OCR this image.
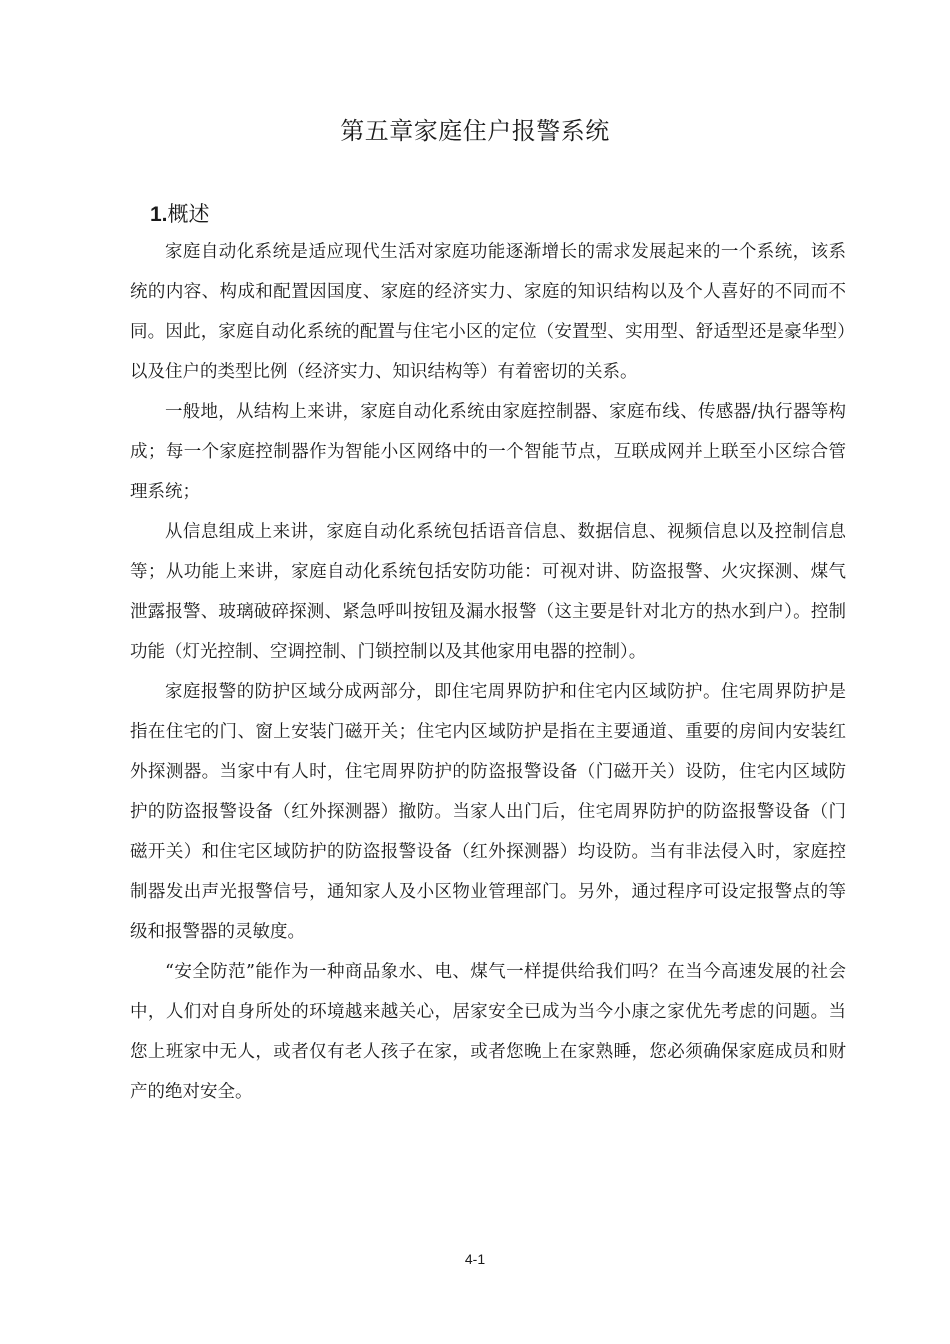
第五章家庭住户报警系统
1.概述

家庭自动化系统是适应现代生活对家庭功能逐渐增长的需求发展起来的一个系统，该系统的内容、构成和配置因国度、家庭的经济实力、家庭的知识结构以及个人喜好的不同而不同。因此，家庭自动化系统的配置与住宅小区的定位（安置型、实用型、舒适型还是豪华型）以及住户的类型比例（经济实力、知识结构等）有着密切的关系。

一般地，从结构上来讲，家庭自动化系统由家庭控制器、家庭布线、传感器/执行器等构成；每一个家庭控制器作为智能小区网络中的一个智能节点，互联成网并上联至小区综合管理系统；

从信息组成上来讲，家庭自动化系统包括语音信息、数据信息、视频信息以及控制信息等；从功能上来讲，家庭自动化系统包括安防功能：可视对讲、防盗报警、火灾探测、煤气泄露报警、玻璃破碎探测、紧急呼叫按钮及漏水报警（这主要是针对北方的热水到户）。控制功能（灯光控制、空调控制、门锁控制以及其他家用电器的控制）。

家庭报警的防护区域分成两部分，即住宅周界防护和住宅内区域防护。住宅周界防护是指在住宅的门、窗上安装门磁开关；住宅内区域防护是指在主要通道、重要的房间内安装红外探测器。当家中有人时，住宅周界防护的防盗报警设备（门磁开关）设防，住宅内区域防护的防盗报警设备（红外探测器）撤防。当家人出门后，住宅周界防护的防盗报警设备（门磁开关）和住宅区域防护的防盗报警设备（红外探测器）均设防。当有非法侵入时，家庭控制器发出声光报警信号，通知家人及小区物业管理部门。另外，通过程序可设定报警点的等级和报警器的灵敏度。

“安全防范”能作为一种商品象水、电、煤气一样提供给我们吗？在当今高速发展的社会中，人们对自身所处的环境越来越关心，居家安全已成为当今小康之家优先考虑的问题。当您上班家中无人，或者仅有老人孩子在家，或者您晚上在家熟睡，您必须确保家庭成员和财产的绝对安全。

4-1
